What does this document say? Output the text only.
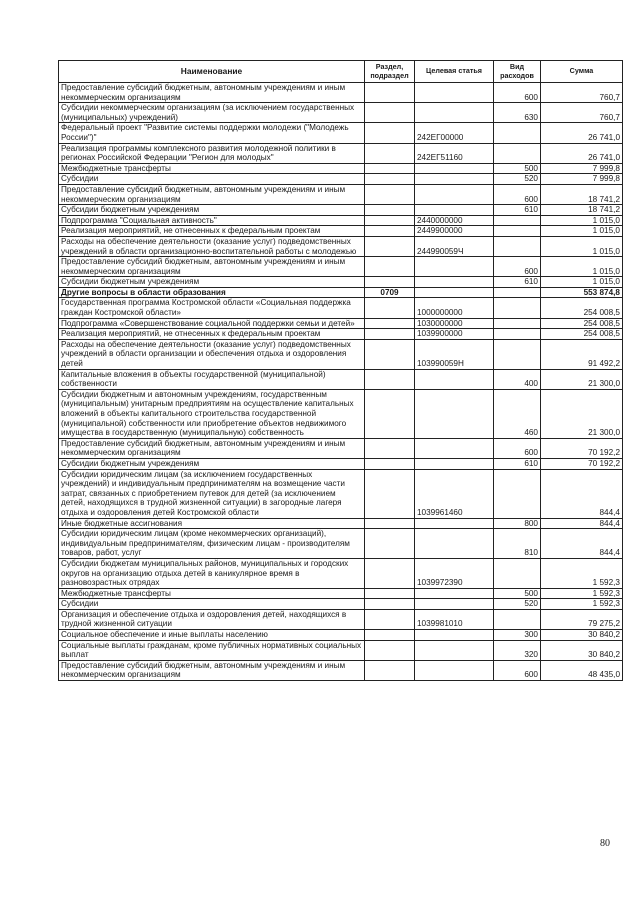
Наименование	Раздел, подраздел	Целевая статья	Вид расходов	Сумма
Предоставление субсидий бюджетным, автономным учреждениям и иным некоммерческим организациям			600	760,7
Субсидии некоммерческим организациям (за исключением государственных (муниципальных) учреждений)			630	760,7
Федеральный проект "Развитие системы поддержки молодежи ("Молодежь России")"		242ЕГ00000		26 741,0
Реализация программы комплексного развития молодежной политики в регионах Российской Федерации "Регион для молодых"		242ЕГ51160		26 741,0
Межбюджетные трансферты			500	7 999,8
Субсидии			520	7 999,8
Предоставление субсидий бюджетным, автономным учреждениям и иным некоммерческим организациям			600	18 741,2
Субсидии бюджетным учреждениям			610	18 741,2
Подпрограмма "Социальная активность"		2440000000		1 015,0
Реализация мероприятий, не отнесенных к федеральным проектам		2449900000		1 015,0
Расходы на обеспечение деятельности (оказание услуг) подведомственных учреждений в области организационно-воспитательной работы с молодежью		244990059Ч		1 015,0
Предоставление субсидий бюджетным, автономным учреждениям и иным некоммерческим организациям			600	1 015,0
Субсидии бюджетным учреждениям			610	1 015,0
Другие вопросы в области образования	0709			553 874,8
Государственная программа Костромской области «Социальная поддержка граждан Костромской области»		1000000000		254 008,5
Подпрограмма «Совершенствование социальной поддержки семьи и детей»		1030000000		254 008,5
Реализация мероприятий, не отнесенных к федеральным проектам		1039900000		254 008,5
Расходы на обеспечение деятельности (оказание услуг) подведомственных учреждений в области организации и обеспечения отдыха и оздоровления детей		103990059Н		91 492,2
Капитальные вложения в объекты государственной (муниципальной) собственности			400	21 300,0
Субсидии бюджетным и автономным учреждениям, государственным (муниципальным) унитарным предприятиям на осуществление капитальных вложений в объекты капитального строительства государственной (муниципальной) собственности или приобретение объектов недвижимого имущества в государственную (муниципальную) собственность			460	21 300,0
Предоставление субсидий бюджетным, автономным учреждениям и иным некоммерческим организациям			600	70 192,2
Субсидии бюджетным учреждениям			610	70 192,2
Субсидии юридическим лицам (за исключением государственных учреждений) и индивидуальным предпринимателям на возмещение части затрат, связанных с приобретением путевок для детей (за исключением детей, находящихся в трудной жизненной ситуации) в загородные лагеря отдыха и оздоровления детей Костромской области		1039961460		844,4
Иные бюджетные ассигнования			800	844,4
Субсидии юридическим лицам (кроме некоммерческих организаций), индивидуальным предпринимателям, физическим лицам - производителям товаров, работ, услуг			810	844,4
Субсидии бюджетам муниципальных районов, муниципальных и городских округов на организацию отдыха детей в каникулярное время в разновозрастных отрядах		1039972390		1 592,3
Межбюджетные трансферты			500	1 592,3
Субсидии			520	1 592,3
Организация и обеспечение отдыха и оздоровления детей, находящихся в трудной жизненной ситуации		1039981010		79 275,2
Социальное обеспечение и иные выплаты населению			300	30 840,2
Социальные выплаты гражданам, кроме публичных нормативных социальных выплат			320	30 840,2
Предоставление субсидий бюджетным, автономным учреждениям и иным некоммерческим организациям			600	48 435,0
80
